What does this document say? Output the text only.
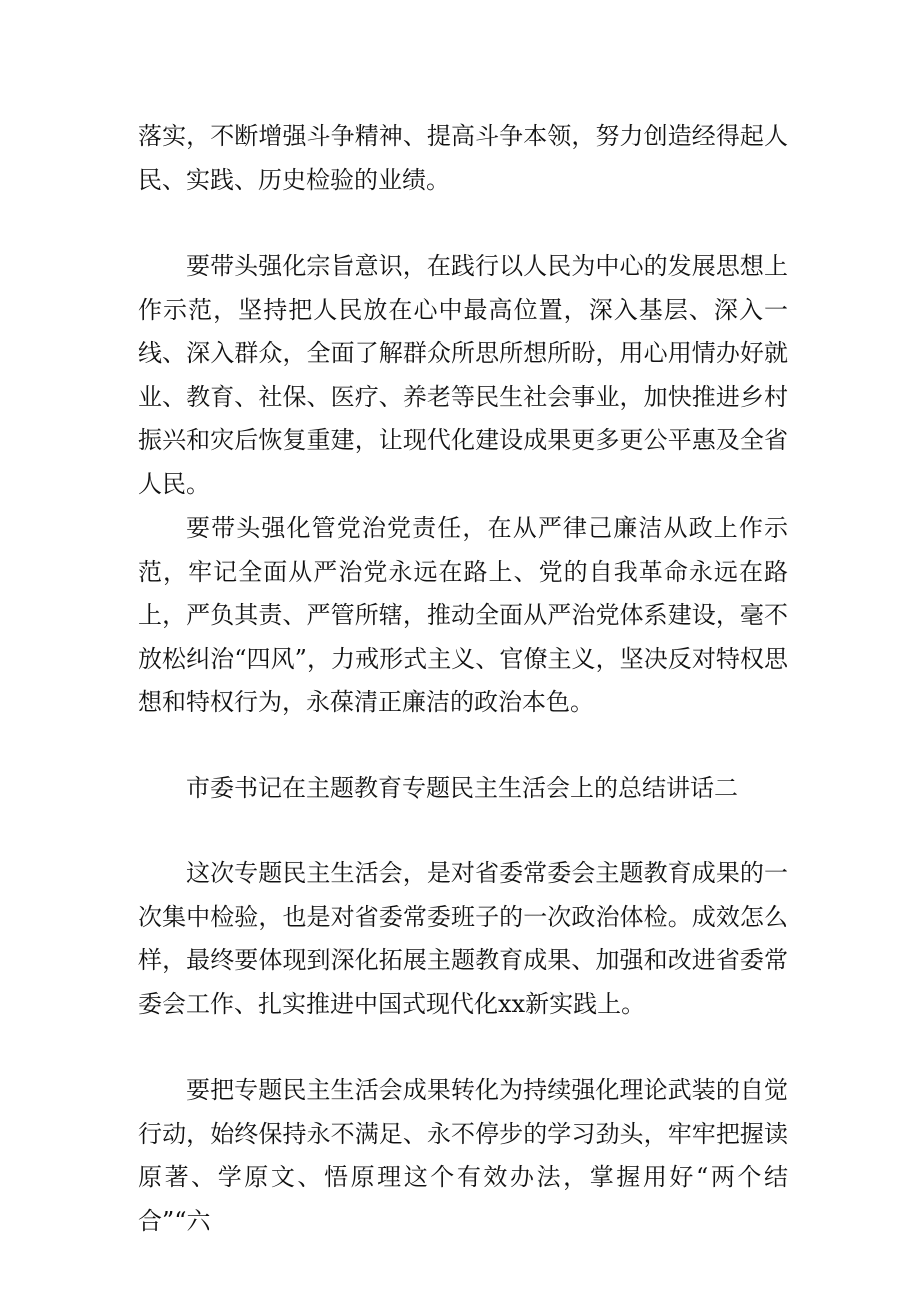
落实，不断增强斗争精神、提高斗争本领，努力创造经得起人民、实践、历史检验的业绩。

要带头强化宗旨意识，在践行以人民为中心的发展思想上作示范，坚持把人民放在心中最高位置，深入基层、深入一线、深入群众，全面了解群众所思所想所盼，用心用情办好就业、教育、社保、医疗、养老等民生社会事业，加快推进乡村振兴和灾后恢复重建，让现代化建设成果更多更公平惠及全省人民。

要带头强化管党治党责任，在从严律己廉洁从政上作示范，牢记全面从严治党永远在路上、党的自我革命永远在路上，严负其责、严管所辖，推动全面从严治党体系建设，毫不放松纠治“四风”，力戒形式主义、官僚主义，坚决反对特权思想和特权行为，永葆清正廉洁的政治本色。

市委书记在主题教育专题民主生活会上的总结讲话二

这次专题民主生活会，是对省委常委会主题教育成果的一次集中检验，也是对省委常委班子的一次政治体检。成效怎么样，最终要体现到深化拓展主题教育成果、加强和改进省委常委会工作、扎实推进中国式现代化xx新实践上。

要把专题民主生活会成果转化为持续强化理论武装的自觉行动，始终保持永不满足、永不停步的学习劲头，牢牢把握读原著、学原文、悟原理这个有效办法，掌握用好“两个结合”“六
